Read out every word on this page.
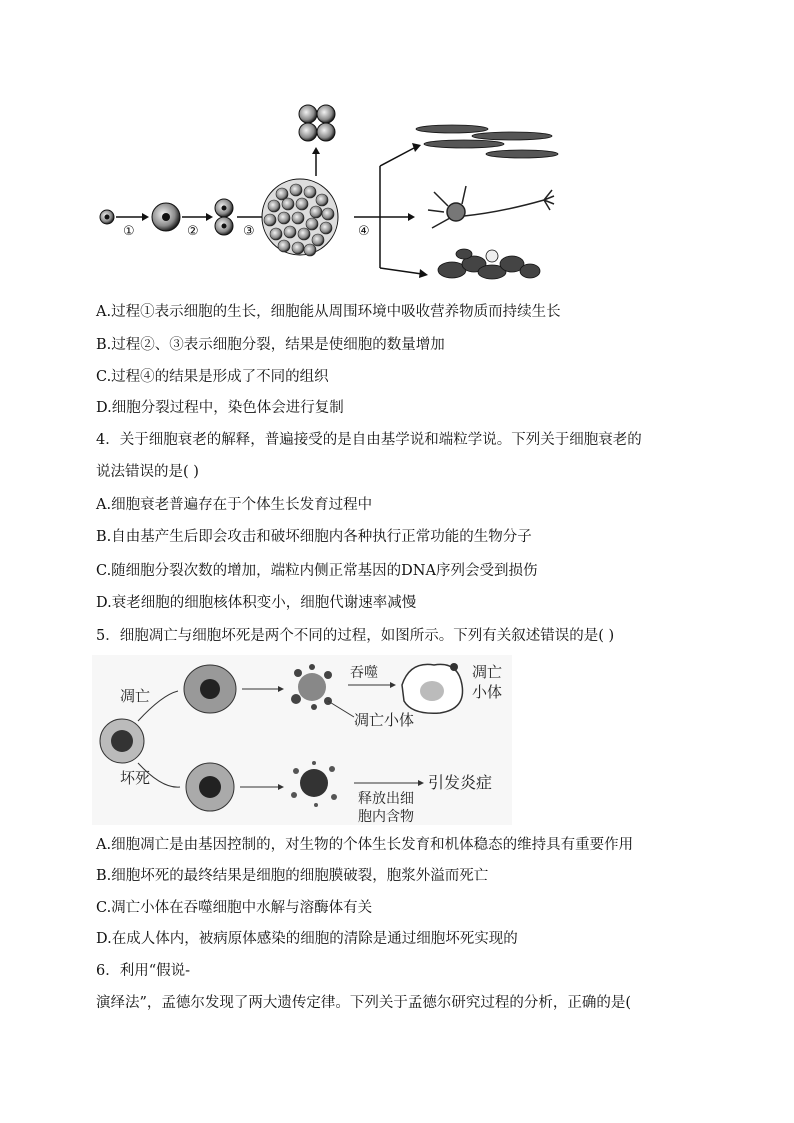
①	②	③	④
A.过程①表示细胞的生长，细胞能从周围环境中吸收营养物质而持续生长
B.过程②、③表示细胞分裂，结果是使细胞的数量增加
C.过程④的结果是形成了不同的组织
D.细胞分裂过程中，染色体会进行复制
4．关于细胞衰老的解释，普遍接受的是自由基学说和端粒学说。下列关于细胞衰老的
说法错误的是( )
A.细胞衰老普遍存在于个体生长发育过程中
B.自由基产生后即会攻击和破坏细胞内各种执行正常功能的生物分子
C.随细胞分裂次数的增加，端粒内侧正常基因的DNA序列会受到损伤
D.衰老细胞的细胞核体积变小，细胞代谢速率减慢
5．细胞凋亡与细胞坏死是两个不同的过程，如图所示。下列有关叙述错误的是( )
凋亡
坏死
吞噬	凋亡
小体
凋亡小体
释放出细
胞内含物
引发炎症
A.细胞凋亡是由基因控制的，对生物的个体生长发育和机体稳态的维持具有重要作用
B.细胞坏死的最终结果是细胞的细胞膜破裂，胞浆外溢而死亡
C.凋亡小体在吞噬细胞中水解与溶酶体有关
D.在成人体内，被病原体感染的细胞的清除是通过细胞坏死实现的
6．利用“假说-
演绎法”，孟德尔发现了两大遗传定律。下列关于孟德尔研究过程的分析，正确的是(
